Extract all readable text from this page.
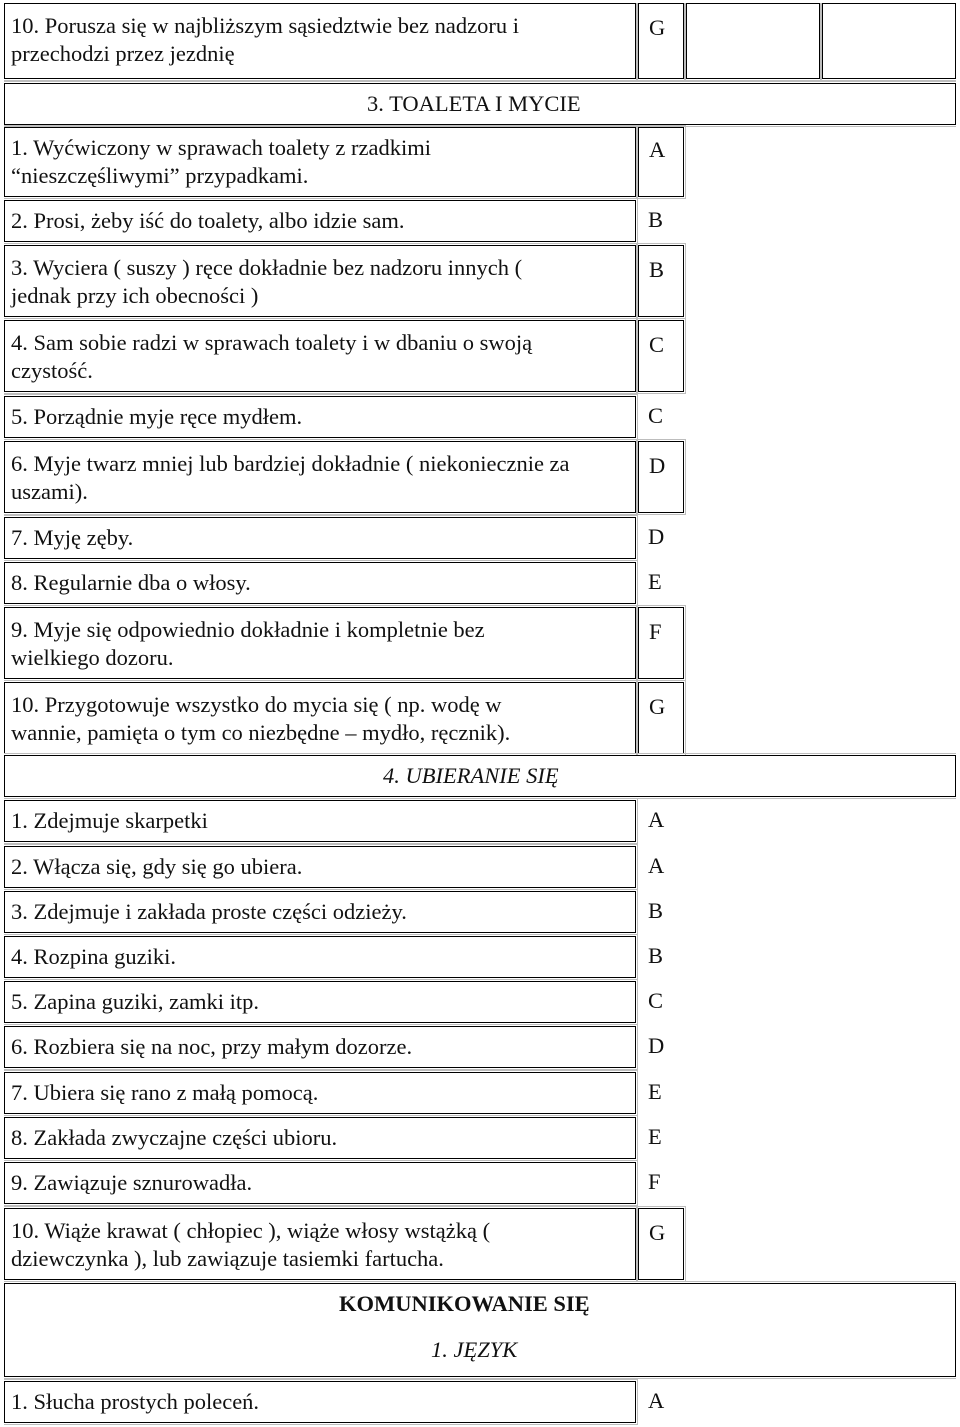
10. Porusza się w najbliższym sąsiedztwie bez nadzoru i
przechodzi przez jezdnię
G
3. TOALETA I MYCIE
1. Wyćwiczony w sprawach toalety z rzadkimi
“nieszczęśliwymi” przypadkami.
A
2. Prosi, żeby iść do toalety, albo idzie sam.	B
3. Wyciera ( suszy ) ręce dokładnie bez nadzoru innych (
jednak przy ich obecności )
B
4. Sam sobie radzi w sprawach toalety i w dbaniu o swoją
czystość.
C
5. Porządnie myje ręce mydłem.	C
6. Myje twarz mniej lub bardziej dokładnie ( niekoniecznie za
uszami).
D
7. Myję zęby.	D
8. Regularnie dba o włosy.	E
9. Myje się odpowiednio dokładnie i kompletnie bez
wielkiego dozoru.
F
10. Przygotowuje wszystko do mycia się ( np. wodę w
wannie, pamięta o tym co niezbędne – mydło, ręcznik).
G
4. UBIERANIE SIĘ
1. Zdejmuje skarpetki	A
2. Włącza się, gdy się go ubiera.	A
3. Zdejmuje i zakłada proste części odzieży.	B
4. Rozpina guziki.	B
5. Zapina guziki, zamki itp.	C
6. Rozbiera się na noc, przy małym dozorze.	D
7. Ubiera się rano z małą pomocą.	E
8. Zakłada zwyczajne części ubioru.	E
9. Zawiązuje sznurowadła.	F
10. Wiąże krawat ( chłopiec ), wiąże włosy wstążką (
dziewczynka ), lub zawiązuje tasiemki fartucha.
G
KOMUNIKOWANIE SIĘ
1. JĘZYK
1. Słucha prostych poleceń.	A
